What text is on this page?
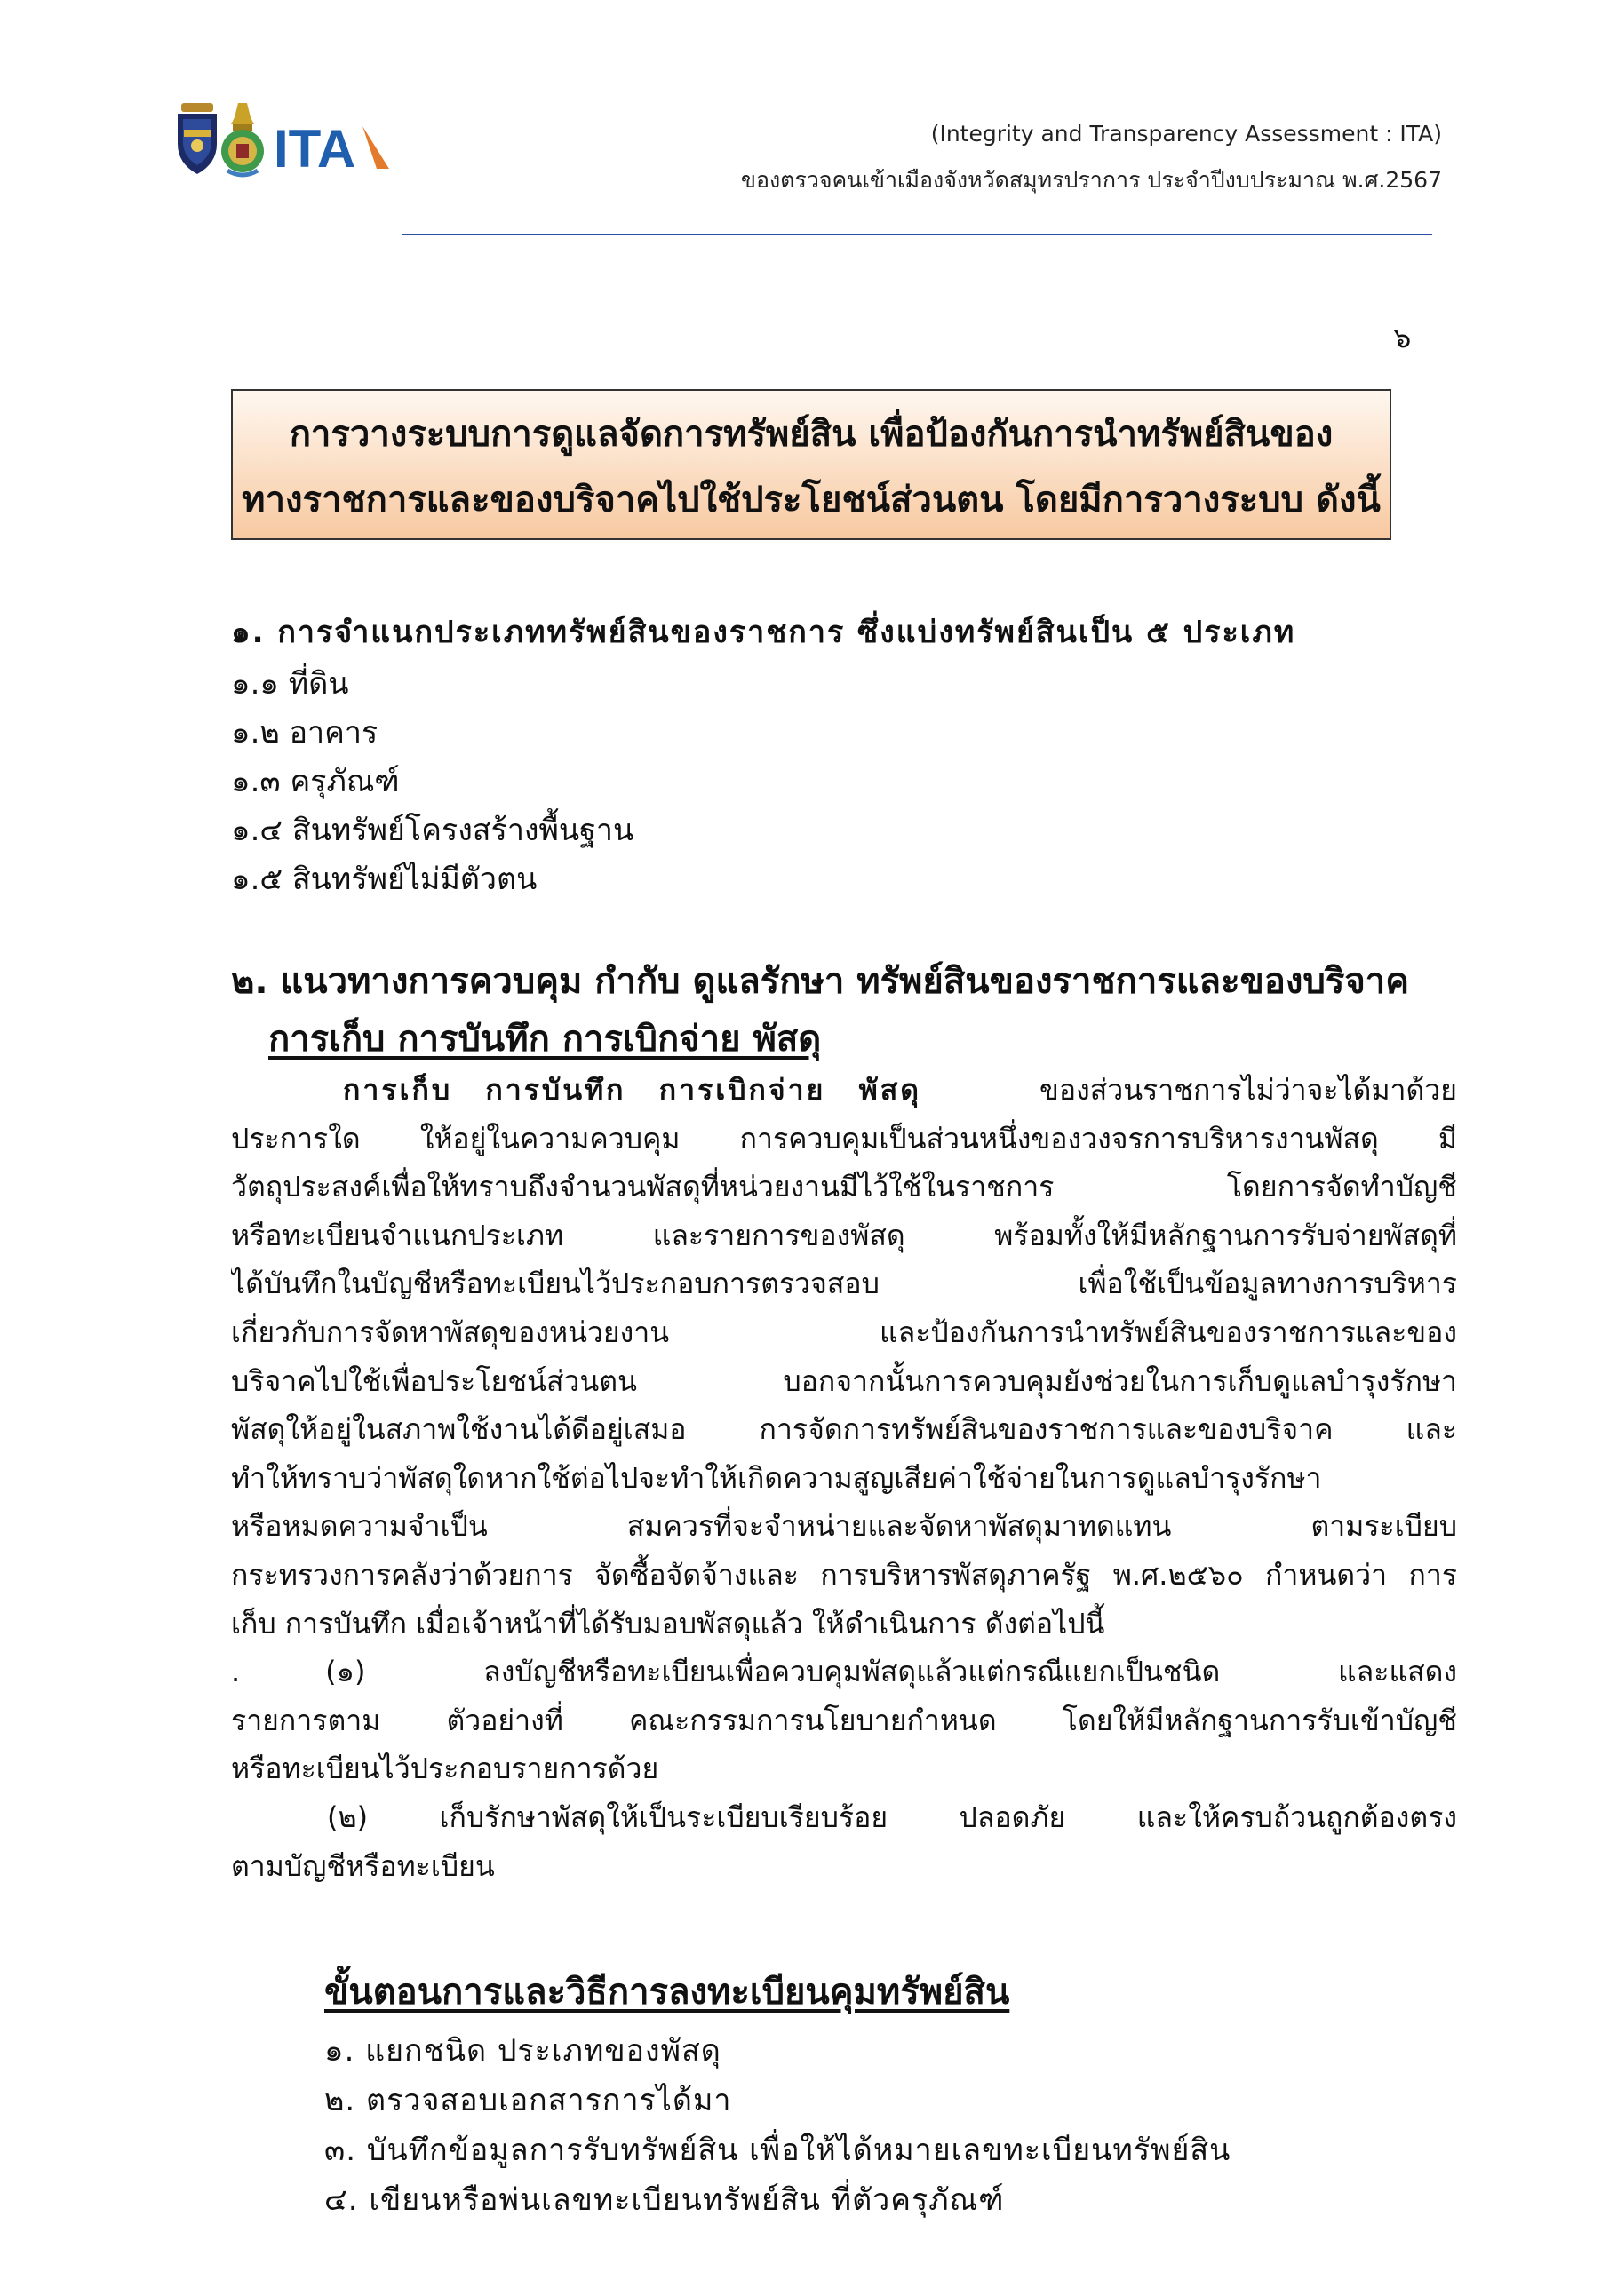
ITA	(Integrity and Transparency Assessment : ITA)
ของตรวจคนเข้าเมืองจังหวัดสมุทรปราการ ประจำปีงบประมาณ พ.ศ.2567
๖
การวางระบบการดูแลจัดการทรัพย์สิน เพื่อป้องกันการนำทรัพย์สินของ
ทางราชการและของบริจาคไปใช้ประโยชน์ส่วนตน โดยมีการวางระบบ ดังนี้
๑. การจำแนกประเภททรัพย์สินของราชการ ซึ่งแบ่งทรัพย์สินเป็น ๕ ประเภท
๑.๑ ที่ดิน
๑.๒ อาคาร
๑.๓ ครุภัณฑ์
๑.๔ สินทรัพย์โครงสร้างพื้นฐาน
๑.๕ สินทรัพย์ไม่มีตัวตน
๒. แนวทางการควบคุม กำกับ ดูแลรักษา ทรัพย์สินของราชการและของบริจาค
การเก็บ การบันทึก การเบิกจ่าย พัสดุ
การเก็บ การบันทึก การเบิกจ่าย พัสดุ	ของส่วนราชการไม่ว่าจะได้มาด้วย
ประการใด ให้อยู่ในความควบคุม การควบคุมเป็นส่วนหนึ่งของวงจรการบริหารงานพัสดุ มี
วัตถุประสงค์เพื่อให้ทราบถึงจำนวนพัสดุที่หน่วยงานมีไว้ใช้ในราชการ โดยการจัดทำบัญชี
หรือทะเบียนจำแนกประเภท และรายการของพัสดุ พร้อมทั้งให้มีหลักฐานการรับจ่ายพัสดุที่
ได้บันทึกในบัญชีหรือทะเบียนไว้ประกอบการตรวจสอบ เพื่อใช้เป็นข้อมูลทางการบริหาร
เกี่ยวกับการจัดหาพัสดุของหน่วยงาน และป้องกันการนำทรัพย์สินของราชการและของ
บริจาคไปใช้เพื่อประโยชน์ส่วนตน บอกจากนั้นการควบคุมยังช่วยในการเก็บดูแลบำรุงรักษา
พัสดุให้อยู่ในสภาพใช้งานได้ดีอยู่เสมอ การจัดการทรัพย์สินของราชการและของบริจาค และ
ทำให้ทราบว่าพัสดุใดหากใช้ต่อไปจะทำให้เกิดความสูญเสียค่าใช้จ่ายในการดูแลบำรุงรักษา
หรือหมดความจำเป็น สมควรที่จะจำหน่ายและจัดหาพัสดุมาทดแทน ตามระเบียบ
กระทรวงการคลังว่าด้วยการ จัดซื้อจัดจ้างและ การบริหารพัสดุภาครัฐ พ.ศ.๒๕๖๐ กำหนดว่า การ
เก็บ การบันทึก เมื่อเจ้าหน้าที่ได้รับมอบพัสดุแล้ว ให้ดำเนินการ ดังต่อไปนี้
.	(๑) ลงบัญชีหรือทะเบียนเพื่อควบคุมพัสดุแล้วแต่กรณีแยกเป็นชนิด และแสดง
รายการตาม ตัวอย่างที่ คณะกรรมการนโยบายกำหนด โดยให้มีหลักฐานการรับเข้าบัญชี
หรือทะเบียนไว้ประกอบรายการด้วย
(๒) เก็บรักษาพัสดุให้เป็นระเบียบเรียบร้อย ปลอดภัย และให้ครบถ้วนถูกต้องตรง
ตามบัญชีหรือทะเบียน
ขั้นตอนการและวิธีการลงทะเบียนคุมทรัพย์สิน
๑. แยกชนิด ประเภทของพัสดุ
๒. ตรวจสอบเอกสารการได้มา
๓. บันทึกข้อมูลการรับทรัพย์สิน เพื่อให้ได้หมายเลขทะเบียนทรัพย์สิน
๔. เขียนหรือพ่นเลขทะเบียนทรัพย์สิน ที่ตัวครุภัณฑ์
